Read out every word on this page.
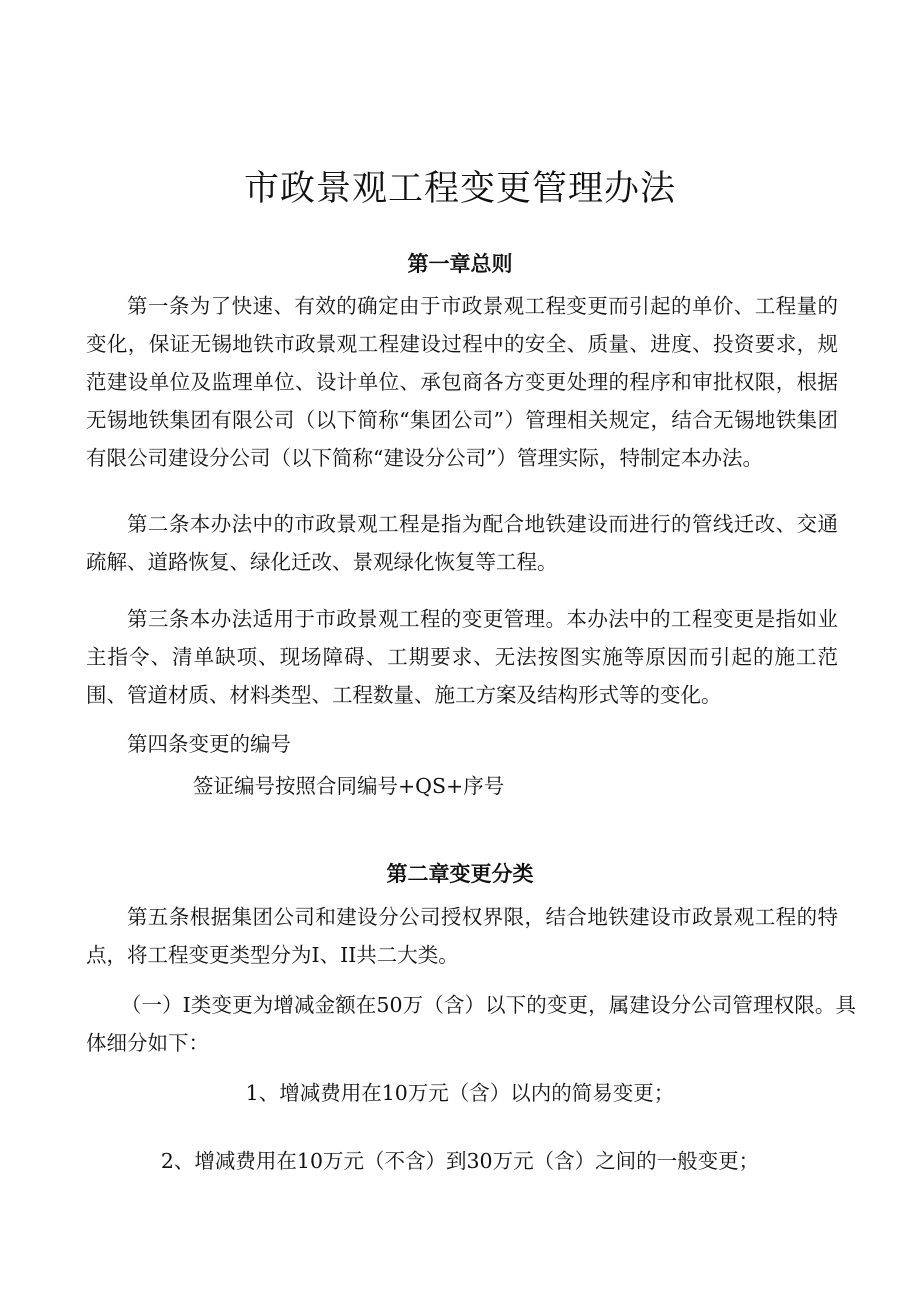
市政景观工程变更管理办法
第一章总则

第一条为了快速、有效的确定由于市政景观工程变更而引起的单价、工程量的变化，保证无锡地铁市政景观工程建设过程中的安全、质量、进度、投资要求，规范建设单位及监理单位、设计单位、承包商各方变更处理的程序和审批权限，根据无锡地铁集团有限公司（以下简称“集团公司”）管理相关规定，结合无锡地铁集团有限公司建设分公司（以下简称“建设分公司”）管理实际，特制定本办法。

第二条本办法中的市政景观工程是指为配合地铁建设而进行的管线迁改、交通疏解、道路恢复、绿化迁改、景观绿化恢复等工程。

第三条本办法适用于市政景观工程的变更管理。本办法中的工程变更是指如业主指令、清单缺项、现场障碍、工期要求、无法按图实施等原因而引起的施工范围、管道材质、材料类型、工程数量、施工方案及结构形式等的变化。

第四条变更的编号

签证编号按照合同编号+QS+序号

第二章变更分类

第五条根据集团公司和建设分公司授权界限，结合地铁建设市政景观工程的特点，将工程变更类型分为I、II共二大类。

（一）I类变更为增减金额在50万（含）以下的变更，属建设分公司管理权限。具体细分如下：

1、增减费用在10万元（含）以内的简易变更；

2、增减费用在10万元（不含）到30万元（含）之间的一般变更；
